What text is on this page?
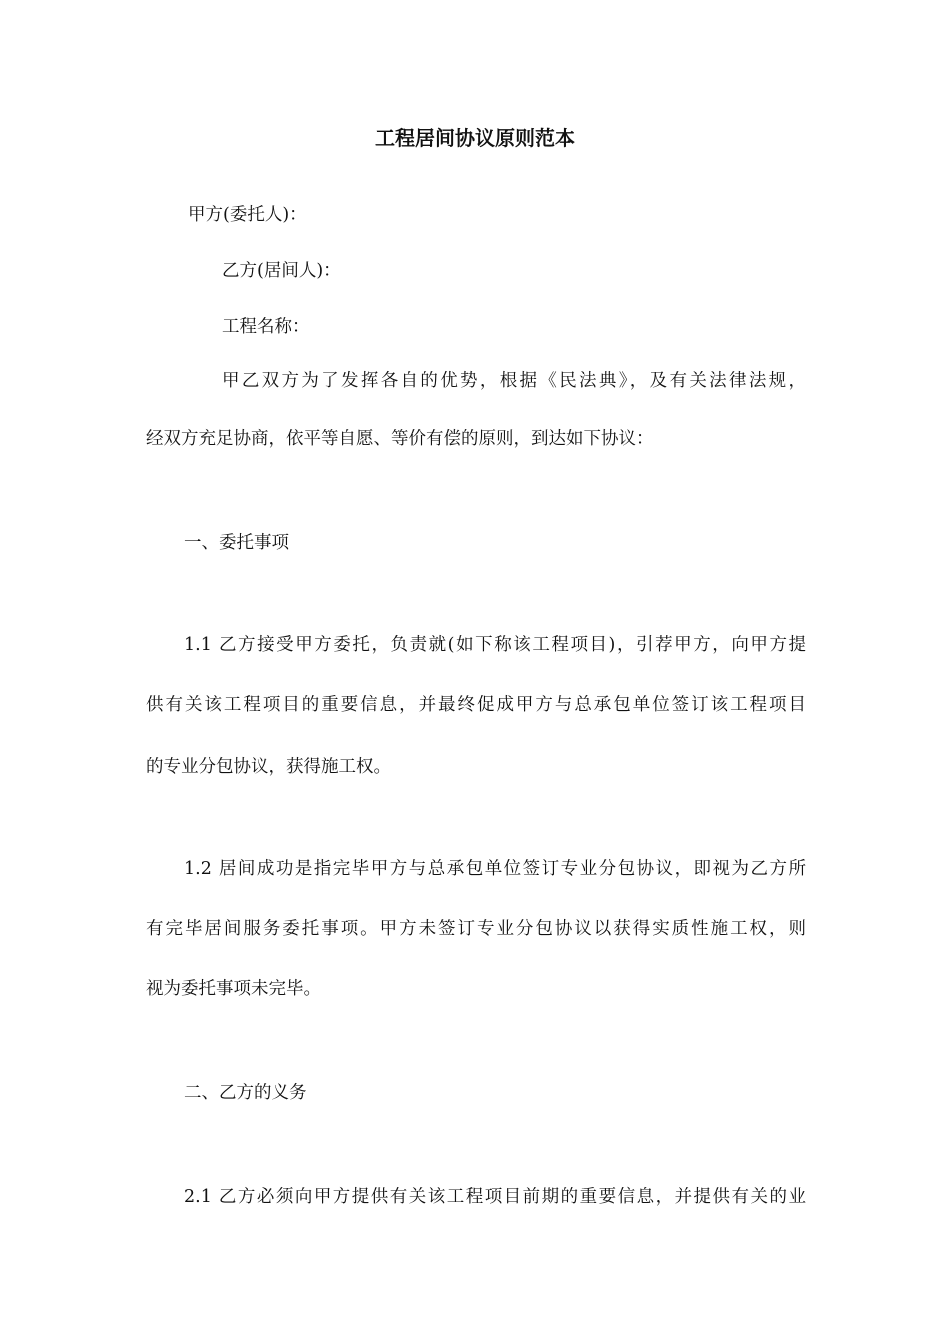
工程居间协议原则范本

甲方(委托人)：

乙方(居间人)：

工程名称：

甲乙双方为了发挥各自的优势，根据《民法典》，及有关法律法规，

经双方充足协商，依平等自愿、等价有偿的原则，到达如下协议：

一、委托事项

1.1 乙方接受甲方委托，负责就(如下称该工程项目)，引荐甲方，向甲方提

供有关该工程项目的重要信息，并最终促成甲方与总承包单位签订该工程项目

的专业分包协议，获得施工权。

1.2 居间成功是指完毕甲方与总承包单位签订专业分包协议，即视为乙方所

有完毕居间服务委托事项。甲方未签订专业分包协议以获得实质性施工权，则

视为委托事项未完毕。

二、乙方的义务

2.1 乙方必须向甲方提供有关该工程项目前期的重要信息，并提供有关的业
